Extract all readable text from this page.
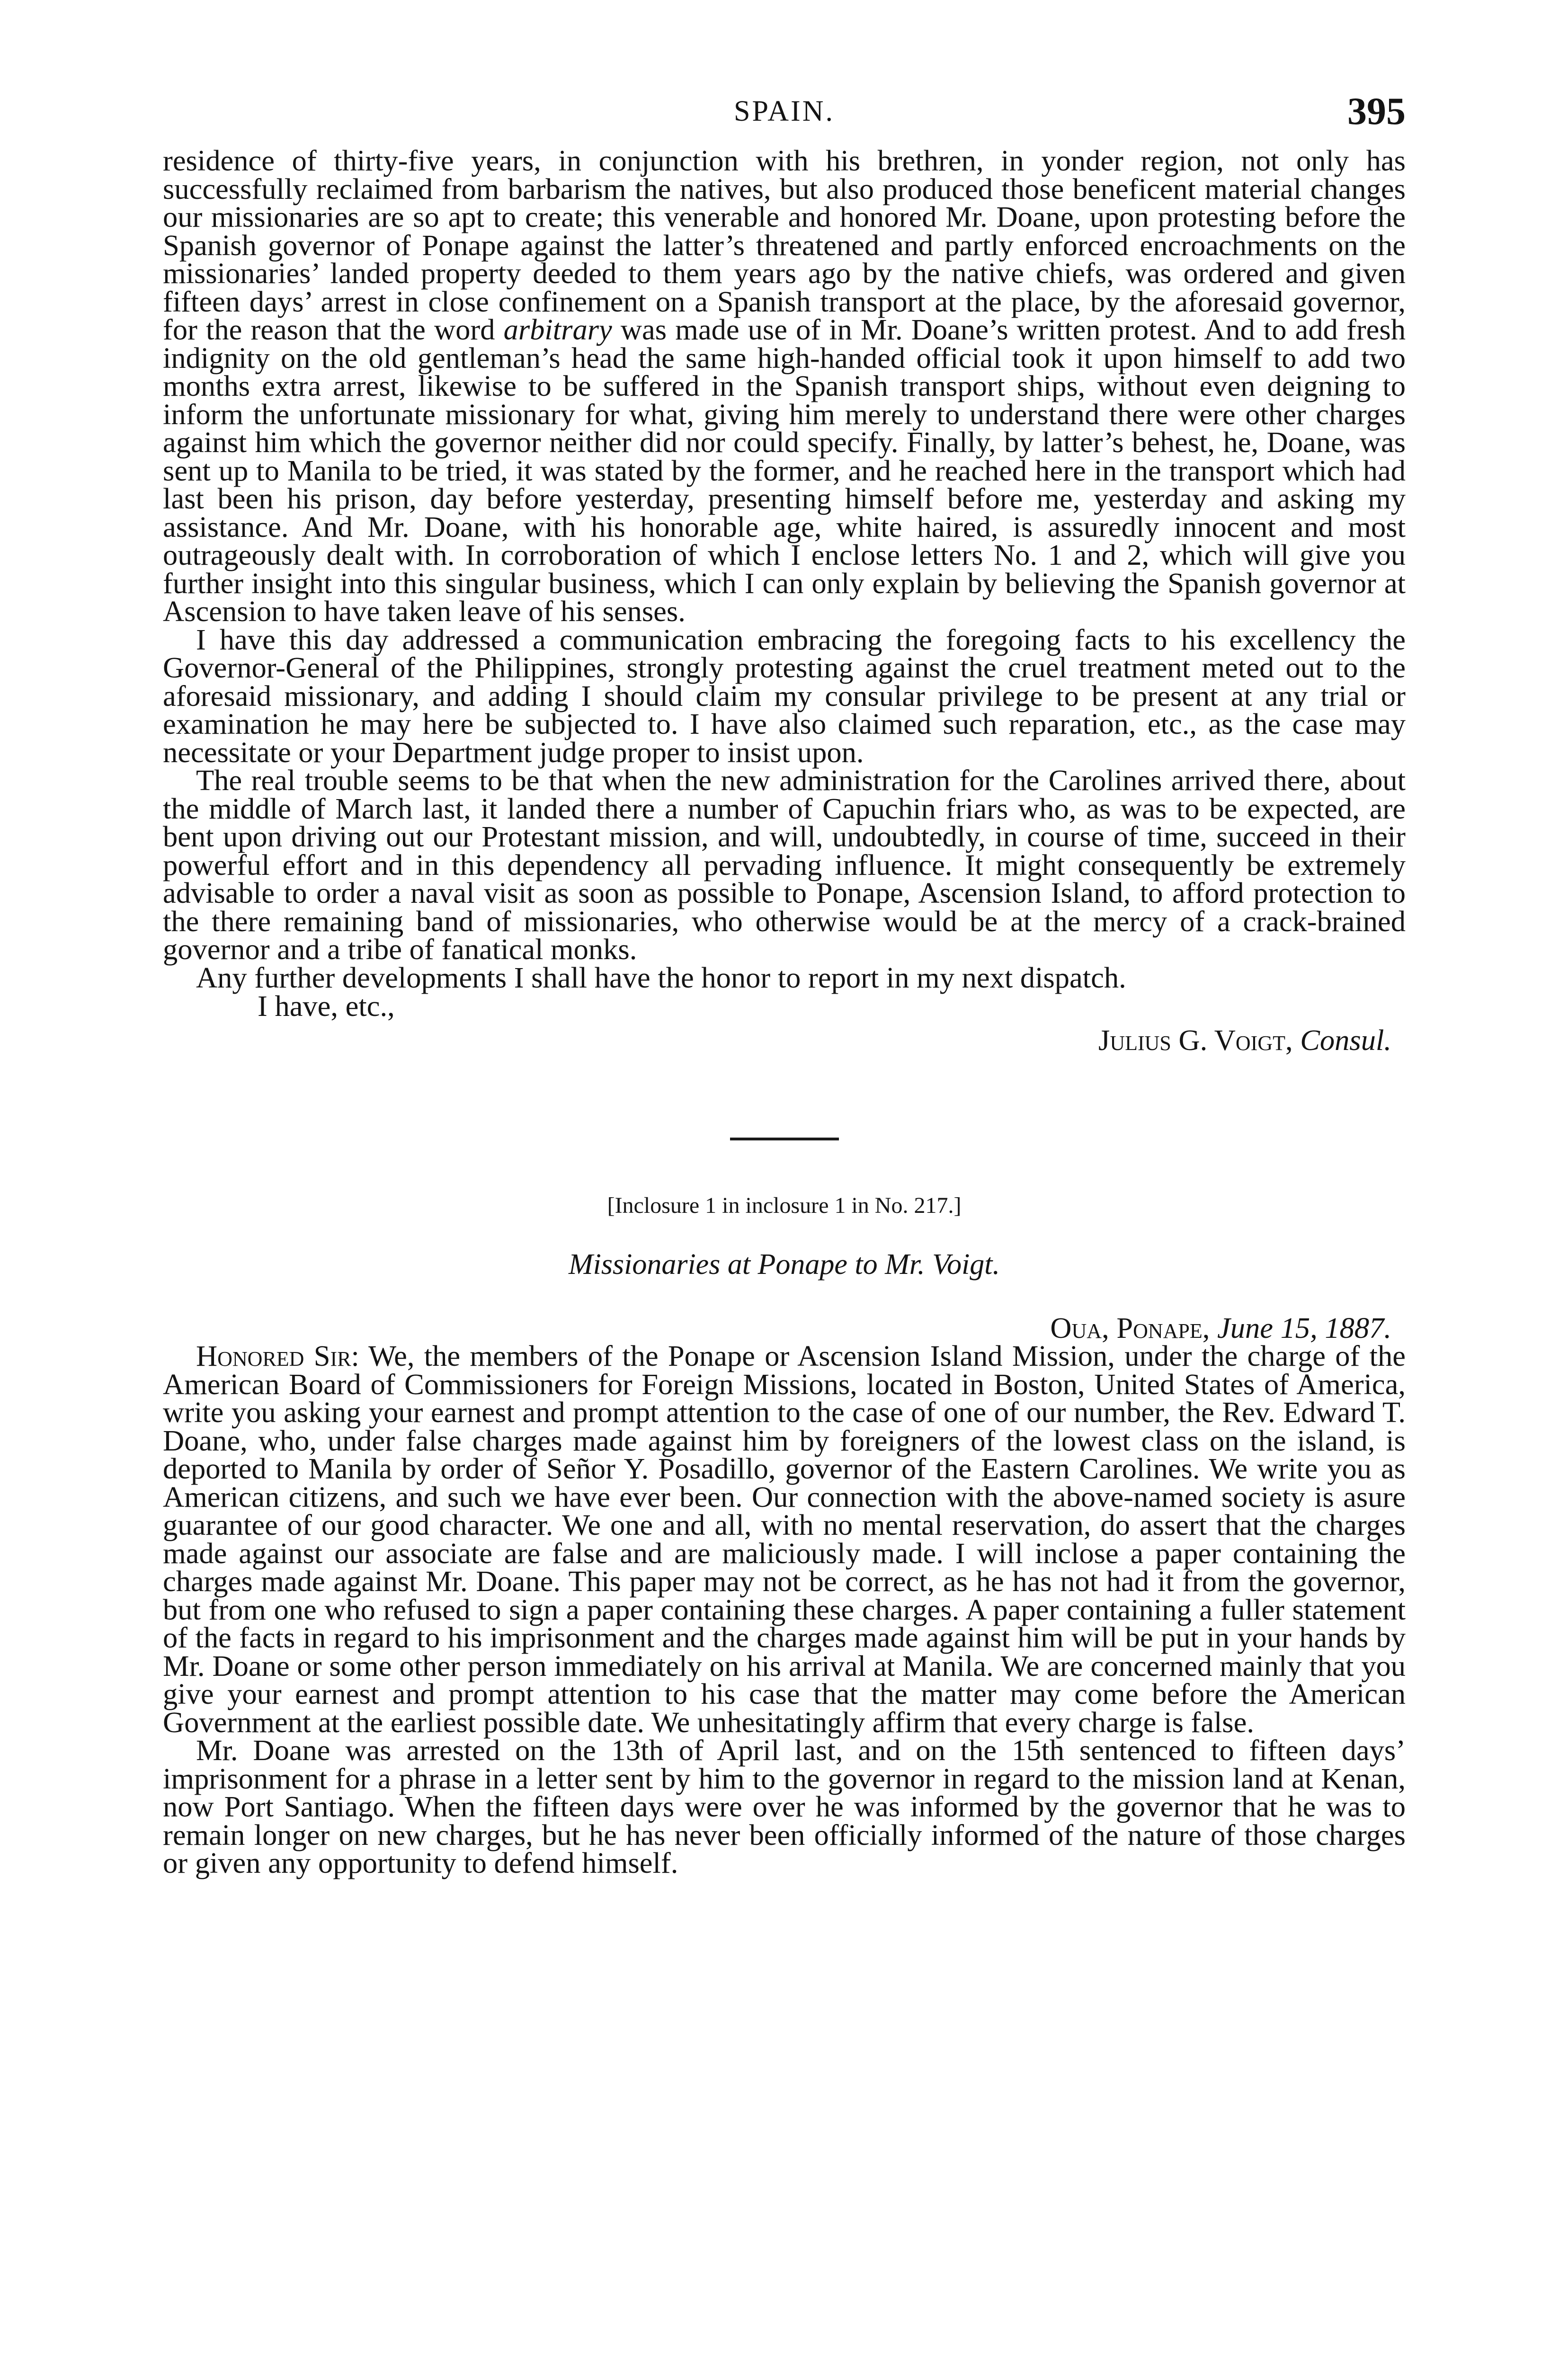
SPAIN.	395

residence of thirty-five years, in conjunction with his brethren, in yonder region, not only has successfully reclaimed from barbarism the natives, but also produced those beneficent material changes our missionaries are so apt to create; this venerable and honored Mr. Doane, upon protesting before the Spanish governor of Ponape against the latter’s threatened and partly enforced encroachments on the missionaries’ landed property deeded to them years ago by the native chiefs, was ordered and given fifteen days’ arrest in close confinement on a Spanish transport at the place, by the aforesaid governor, for the reason that the word arbitrary was made use of in Mr. Doane’s written protest. And to add fresh indignity on the old gentleman’s head the same high-handed official took it upon himself to add two months extra arrest, likewise to be suffered in the Spanish transport ships, without even deigning to inform the unfortunate missionary for what, giving him merely to understand there were other charges against him which the governor neither did nor could specify. Finally, by latter’s behest, he, Doane, was sent up to Manila to be tried, it was stated by the former, and he reached here in the transport which had last been his prison, day before yesterday, presenting himself before me, yesterday and asking my assistance. And Mr. Doane, with his honorable age, white haired, is assuredly innocent and most outrageously dealt with. In corroboration of which I enclose letters No. 1 and 2, which will give you further insight into this singular business, which I can only explain by believing the Spanish governor at Ascension to have taken leave of his senses.

I have this day addressed a communication embracing the foregoing facts to his excellency the Governor-General of the Philippines, strongly protesting against the cruel treatment meted out to the aforesaid missionary, and adding I should claim my consular privilege to be present at any trial or examination he may here be subjected to. I have also claimed such reparation, etc., as the case may necessitate or your Department judge proper to insist upon.

The real trouble seems to be that when the new administration for the Carolines arrived there, about the middle of March last, it landed there a number of Capuchin friars who, as was to be expected, are bent upon driving out our Protestant mission, and will, undoubtedly, in course of time, succeed in their powerful effort and in this dependency all pervading influence. It might consequently be extremely advisable to order a naval visit as soon as possible to Ponape, Ascension Island, to afford protection to the there remaining band of missionaries, who otherwise would be at the mercy of a crack-brained governor and a tribe of fanatical monks.

Any further developments I shall have the honor to report in my next dispatch.

I have, etc.,
Julius G. Voigt, Consul.
[Inclosure 1 in inclosure 1 in No. 217.]
Missionaries at Ponape to Mr. Voigt.
Oua, Ponape, June 15, 1887.

Honored Sir: We, the members of the Ponape or Ascension Island Mission, under the charge of the American Board of Commissioners for Foreign Missions, located in Boston, United States of America, write you asking your earnest and prompt attention to the case of one of our number, the Rev. Edward T. Doane, who, under false charges made against him by foreigners of the lowest class on the island, is deported to Manila by order of Señor Y. Posadillo, governor of the Eastern Carolines. We write you as American citizens, and such we have ever been. Our connection with the above-named society is asure guarantee of our good character. We one and all, with no mental reservation, do assert that the charges made against our associate are false and are maliciously made. I will inclose a paper containing the charges made against Mr. Doane. This paper may not be correct, as he has not had it from the governor, but from one who refused to sign a paper containing these charges. A paper containing a fuller statement of the facts in regard to his imprisonment and the charges made against him will be put in your hands by Mr. Doane or some other person immediately on his arrival at Manila. We are concerned mainly that you give your earnest and prompt attention to his case that the matter may come before the American Government at the earliest possible date. We unhesitatingly affirm that every charge is false.

Mr. Doane was arrested on the 13th of April last, and on the 15th sentenced to fifteen days’ imprisonment for a phrase in a letter sent by him to the governor in regard to the mission land at Kenan, now Port Santiago. When the fifteen days were over he was informed by the governor that he was to remain longer on new charges, but he has never been officially informed of the nature of those charges or given any opportunity to defend himself.
